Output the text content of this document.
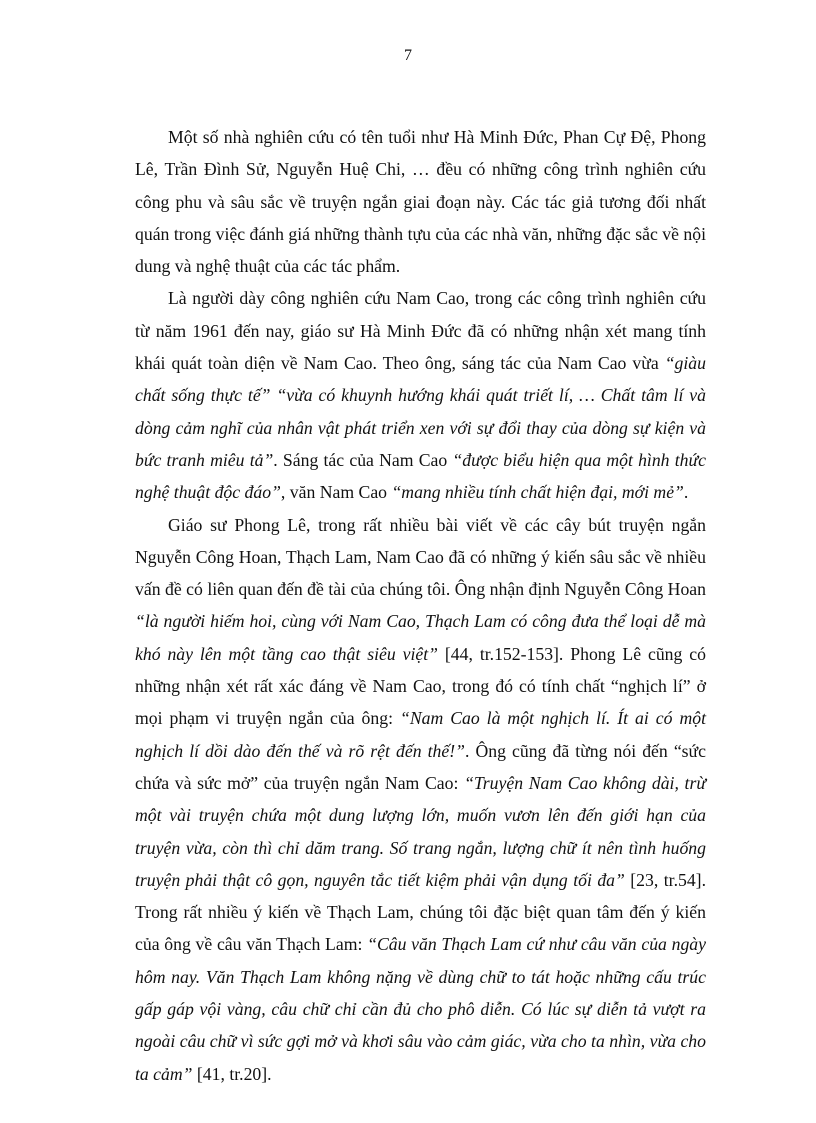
7

Một số nhà nghiên cứu có tên tuổi như Hà Minh Đức, Phan Cự Đệ, Phong Lê, Trần Đình Sử, Nguyễn Huệ Chi, … đều có những công trình nghiên cứu công phu và sâu sắc về truyện ngắn giai đoạn này. Các tác giả tương đối nhất quán trong việc đánh giá những thành tựu của các nhà văn, những đặc sắc về nội dung và nghệ thuật của các tác phẩm.

Là người dày công nghiên cứu Nam Cao, trong các công trình nghiên cứu từ năm 1961 đến nay, giáo sư Hà Minh Đức đã có những nhận xét mang tính khái quát toàn diện về Nam Cao. Theo ông, sáng tác của Nam Cao vừa “giàu chất sống thực tế” “vừa có khuynh hướng khái quát triết lí, … Chất tâm lí và dòng cảm nghĩ của nhân vật phát triển xen với sự đổi thay của dòng sự kiện và bức tranh miêu tả”. Sáng tác của Nam Cao “được biểu hiện qua một hình thức nghệ thuật độc đáo”, văn Nam Cao “mang nhiều tính chất hiện đại, mới mẻ”.

Giáo sư Phong Lê, trong rất nhiều bài viết về các cây bút truyện ngắn Nguyễn Công Hoan, Thạch Lam, Nam Cao đã có những ý kiến sâu sắc về nhiều vấn đề có liên quan đến đề tài của chúng tôi. Ông nhận định Nguyễn Công Hoan “là người hiếm hoi, cùng với Nam Cao, Thạch Lam có công đưa thể loại dễ mà khó này lên một tầng cao thật siêu việt” [44, tr.152-153]. Phong Lê cũng có những nhận xét rất xác đáng về Nam Cao, trong đó có tính chất “nghịch lí” ở mọi phạm vi truyện ngắn của ông: “Nam Cao là một nghịch lí. Ít ai có một nghịch lí dồi dào đến thế và rõ rệt đến thế!”. Ông cũng đã từng nói đến “sức chứa và sức mở” của truyện ngắn Nam Cao: “Truyện Nam Cao không dài, trừ một vài truyện chứa một dung lượng lớn, muốn vươn lên đến giới hạn của truyện vừa, còn thì chỉ dăm trang. Số trang ngắn, lượng chữ ít nên tình huống truyện phải thật cô gọn, nguyên tắc tiết kiệm phải vận dụng tối đa” [23, tr.54]. Trong rất nhiều ý kiến về Thạch Lam, chúng tôi đặc biệt quan tâm đến ý kiến của ông về câu văn Thạch Lam: “Câu văn Thạch Lam cứ như câu văn của ngày hôm nay. Văn Thạch Lam không nặng về dùng chữ to tát hoặc những cấu trúc gấp gáp vội vàng, câu chữ chỉ cần đủ cho phô diễn. Có lúc sự diễn tả vượt ra ngoài câu chữ vì sức gợi mở và khơi sâu vào cảm giác, vừa cho ta nhìn, vừa cho ta cảm” [41, tr.20].
